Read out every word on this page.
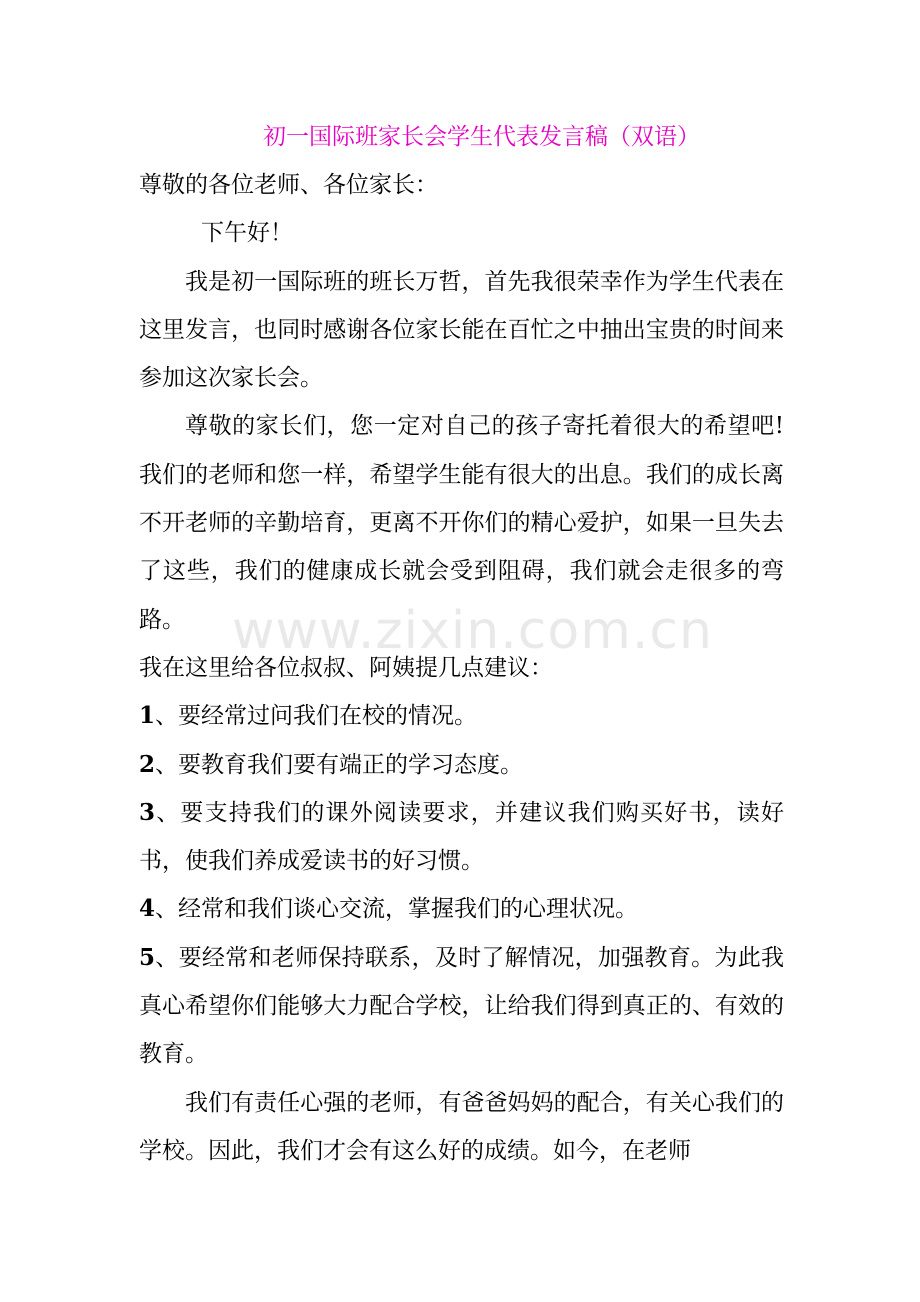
初一国际班家长会学生代表发言稿（双语）

尊敬的各位老师、各位家长：

下午好！

我是初一国际班的班长万哲，首先我很荣幸作为学生代表在这里发言，也同时感谢各位家长能在百忙之中抽出宝贵的时间来参加这次家长会。

尊敬的家长们，您一定对自己的孩子寄托着很大的希望吧!我们的老师和您一样，希望学生能有很大的出息。我们的成长离不开老师的辛勤培育，更离不开你们的精心爱护，如果一旦失去了这些，我们的健康成长就会受到阻碍，我们就会走很多的弯路。

我在这里给各位叔叔、阿姨提几点建议：

1、要经常过问我们在校的情况。

2、要教育我们要有端正的学习态度。

3、要支持我们的课外阅读要求，并建议我们购买好书，读好书，使我们养成爱读书的好习惯。

4、经常和我们谈心交流，掌握我们的心理状况。

5、要经常和老师保持联系，及时了解情况，加强教育。为此我真心希望你们能够大力配合学校，让给我们得到真正的、有效的教育。

我们有责任心强的老师，有爸爸妈妈的配合，有关心我们的学校。因此，我们才会有这么好的成绩。如今，在老师

www.zixin.com.cn
